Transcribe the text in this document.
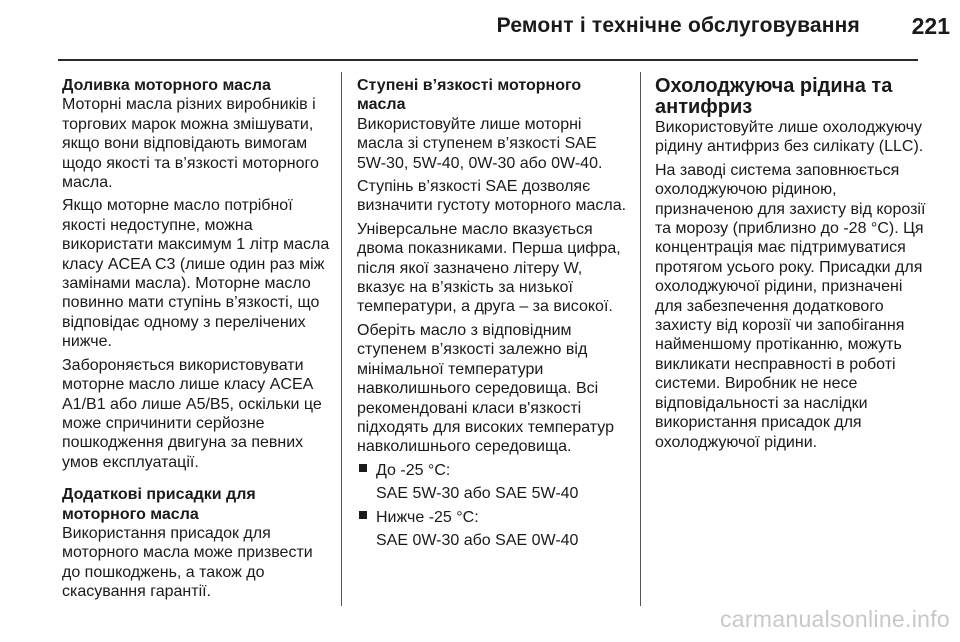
Ремонт і технічне обслуговування	221
Доливка моторного масла

Моторні масла різних виробників і торгових марок можна змішувати, якщо вони відповідають вимогам щодо якості та в’язкості моторного масла.

Якщо моторне масло потрібної якості недоступне, можна використати максимум 1 літр масла класу ACEA C3 (лише один раз між замінами масла). Моторне масло повинно мати ступінь в’язкості, що відповідає одному з перелічених нижче.

Забороняється використовувати моторне масло лише класу ACEA A1/B1 або лише A5/B5, оскільки це може спричинити серйозне пошкодження двигуна за певних умов експлуатації.

Додаткові присадки для моторного масла

Використання присадок для моторного масла може призвести до пошкоджень, а також до скасування гарантії.

Ступені в’язкості моторного масла

Використовуйте лише моторні масла зі ступенем в’язкості SAE 5W-30, 5W-40, 0W-30 або 0W-40.

Ступінь в’язкості SAE дозволяє визначити густоту моторного масла.

Універсальне масло вказується двома показниками. Перша цифра, після якої зазначено літеру W, вказує на в’язкість за низької температури, а друга – за високої.

Оберіть масло з відповідним ступенем в’язкості залежно від мінімальної температури навколишнього середовища. Всі рекомендовані класи в'язкості підходять для високих температур навколишнього середовища.

До -25 °C:
SAE 5W-30 або SAE 5W-40
Нижче -25 °C:
SAE 0W-30 або SAE 0W-40
Охолоджуюча рідина та антифриз

Використовуйте лише охолоджуючу рідину антифриз без силікату (LLC).

На заводі система заповнюється охолоджуючою рідиною, призначеною для захисту від корозії та морозу (приблизно до -28 °C). Ця концентрація має підтримуватися протягом усього року. Присадки для охолоджуючої рідини, призначені для забезпечення додаткового захисту від корозії чи запобігання найменшому протіканню, можуть викликати несправності в роботі системи. Виробник не несе відповідальності за наслідки використання присадок для охолоджуючої рідини.

carmanualsonline.info
